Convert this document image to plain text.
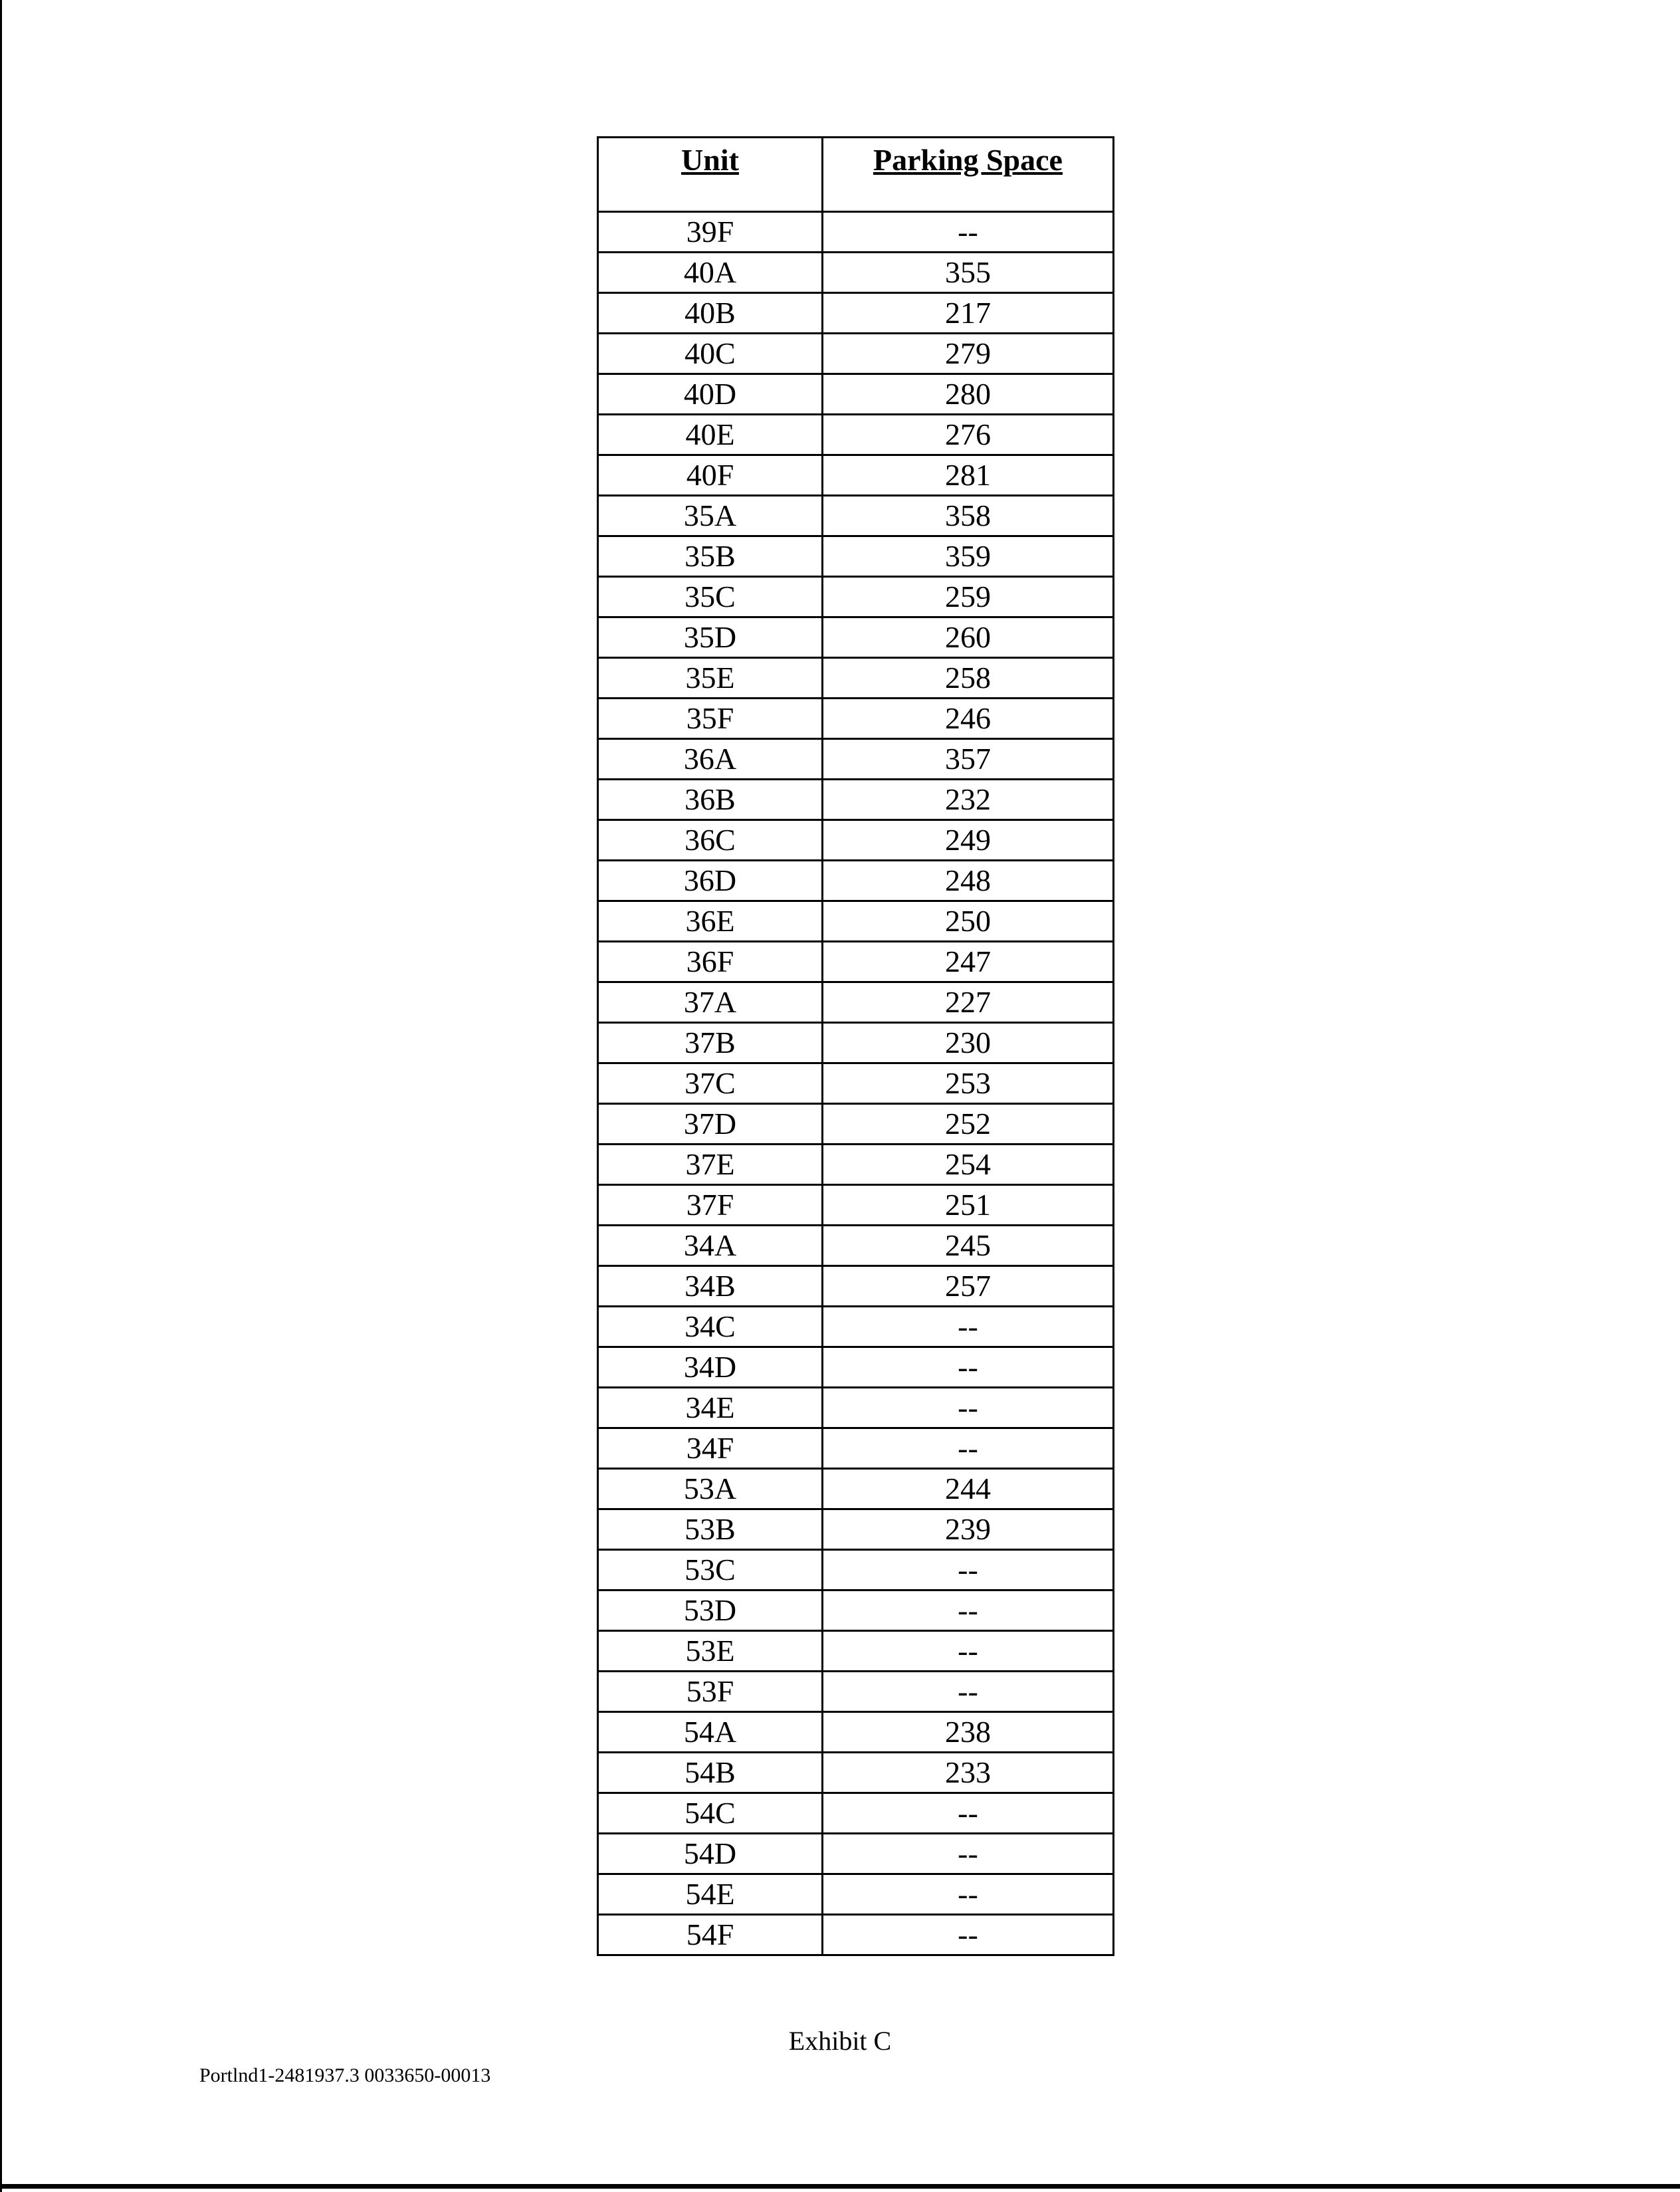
Unit	Parking Space
39F	--
40A	355
40B	217
40C	279
40D	280
40E	276
40F	281
35A	358
35B	359
35C	259
35D	260
35E	258
35F	246
36A	357
36B	232
36C	249
36D	248
36E	250
36F	247
37A	227
37B	230
37C	253
37D	252
37E	254
37F	251
34A	245
34B	257
34C	--
34D	--
34E	--
34F	--
53A	244
53B	239
53C	--
53D	--
53E	--
53F	--
54A	238
54B	233
54C	--
54D	--
54E	--
54F	--
Exhibit C
Portlnd1-2481937.3 0033650-00013
